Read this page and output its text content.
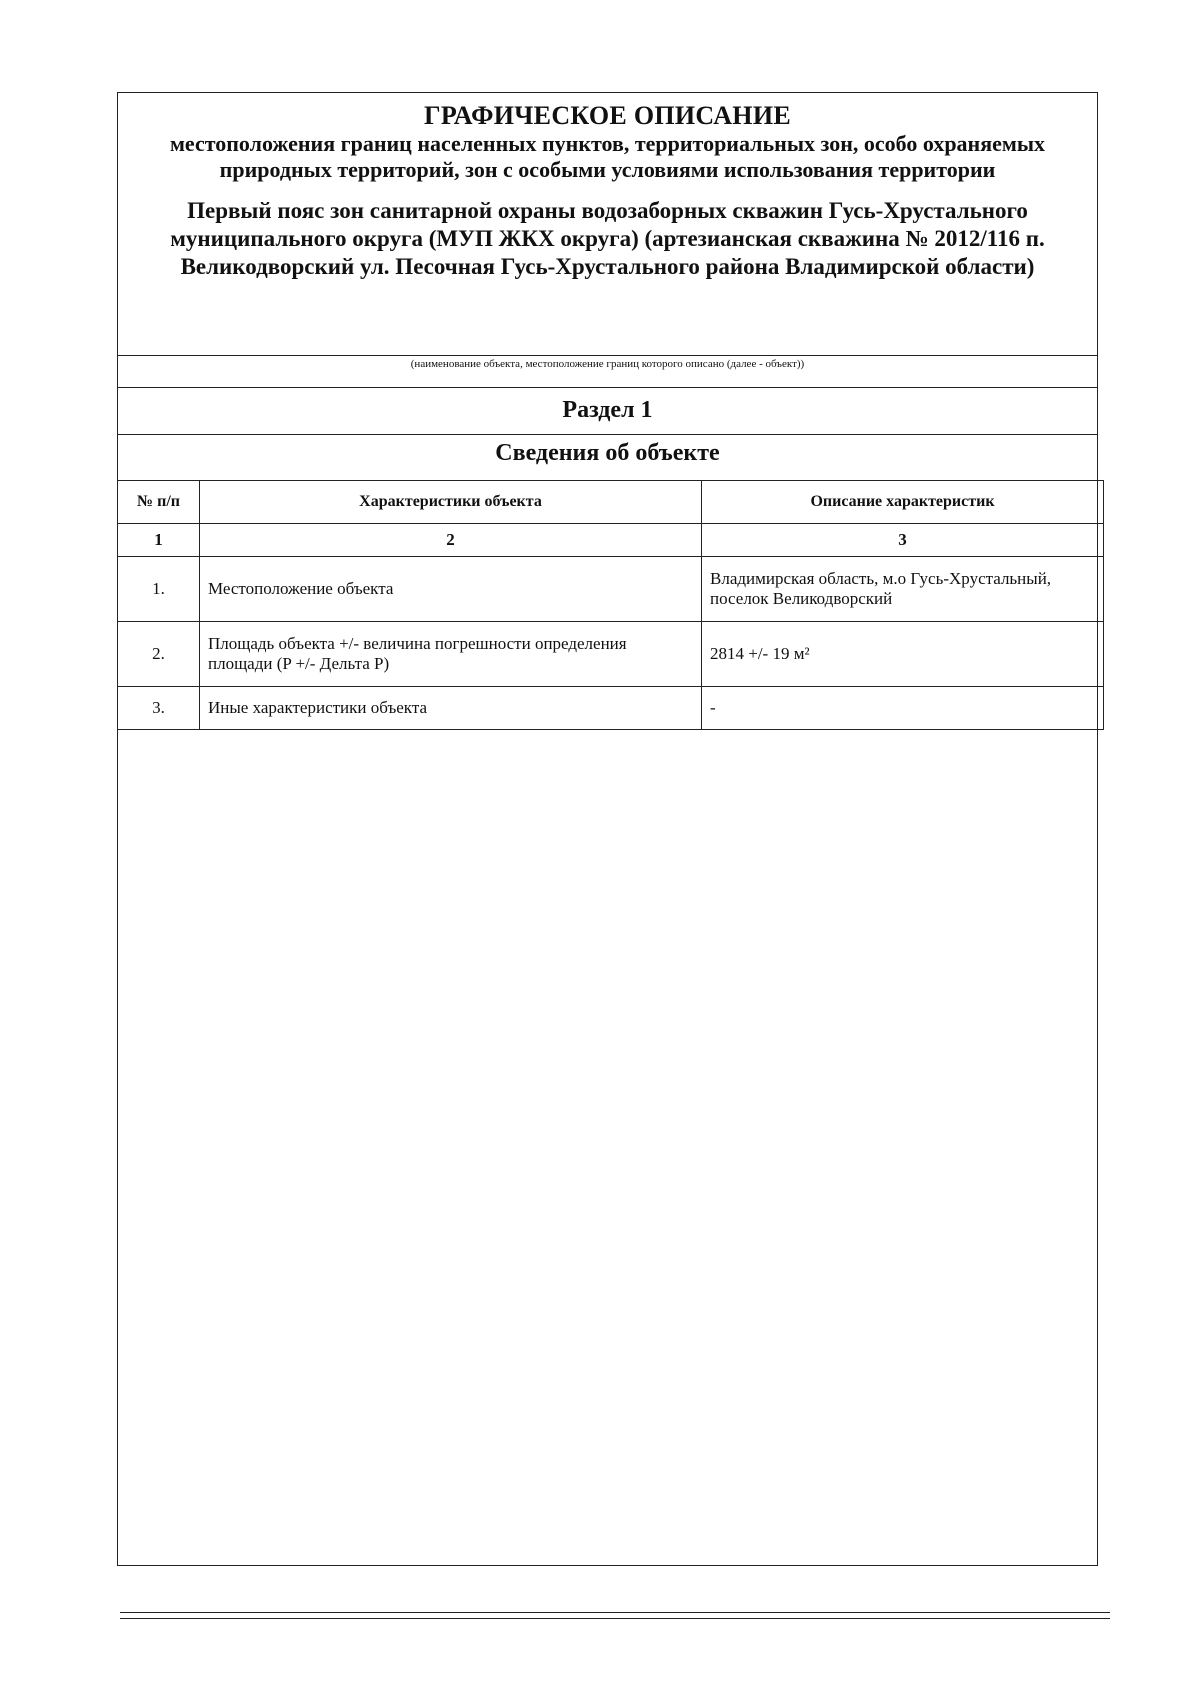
ГРАФИЧЕСКОЕ ОПИСАНИЕ
местоположения границ населенных пунктов, территориальных зон, особо охраняемых природных территорий, зон с особыми условиями использования территории
Первый пояс зон санитарной охраны водозаборных скважин Гусь-Хрустального муниципального округа (МУП ЖКХ округа) (артезианская скважина № 2012/116 п. Великодворский ул. Песочная Гусь-Хрустального района Владимирской области)
(наименование объекта, местоположение границ которого описано (далее - объект))
Раздел 1
Сведения об объекте
№ п/п	Характеристики объекта	Описание характеристик
1	2	3
1.	Местоположение объекта	Владимирская область, м.о Гусь-Хрустальный, поселок Великодворский
2.	Площадь объекта +/- величина погрешности определения площади (P +/- Дельта P)	2814 +/- 19 м²
3.	Иные характеристики объекта	-
